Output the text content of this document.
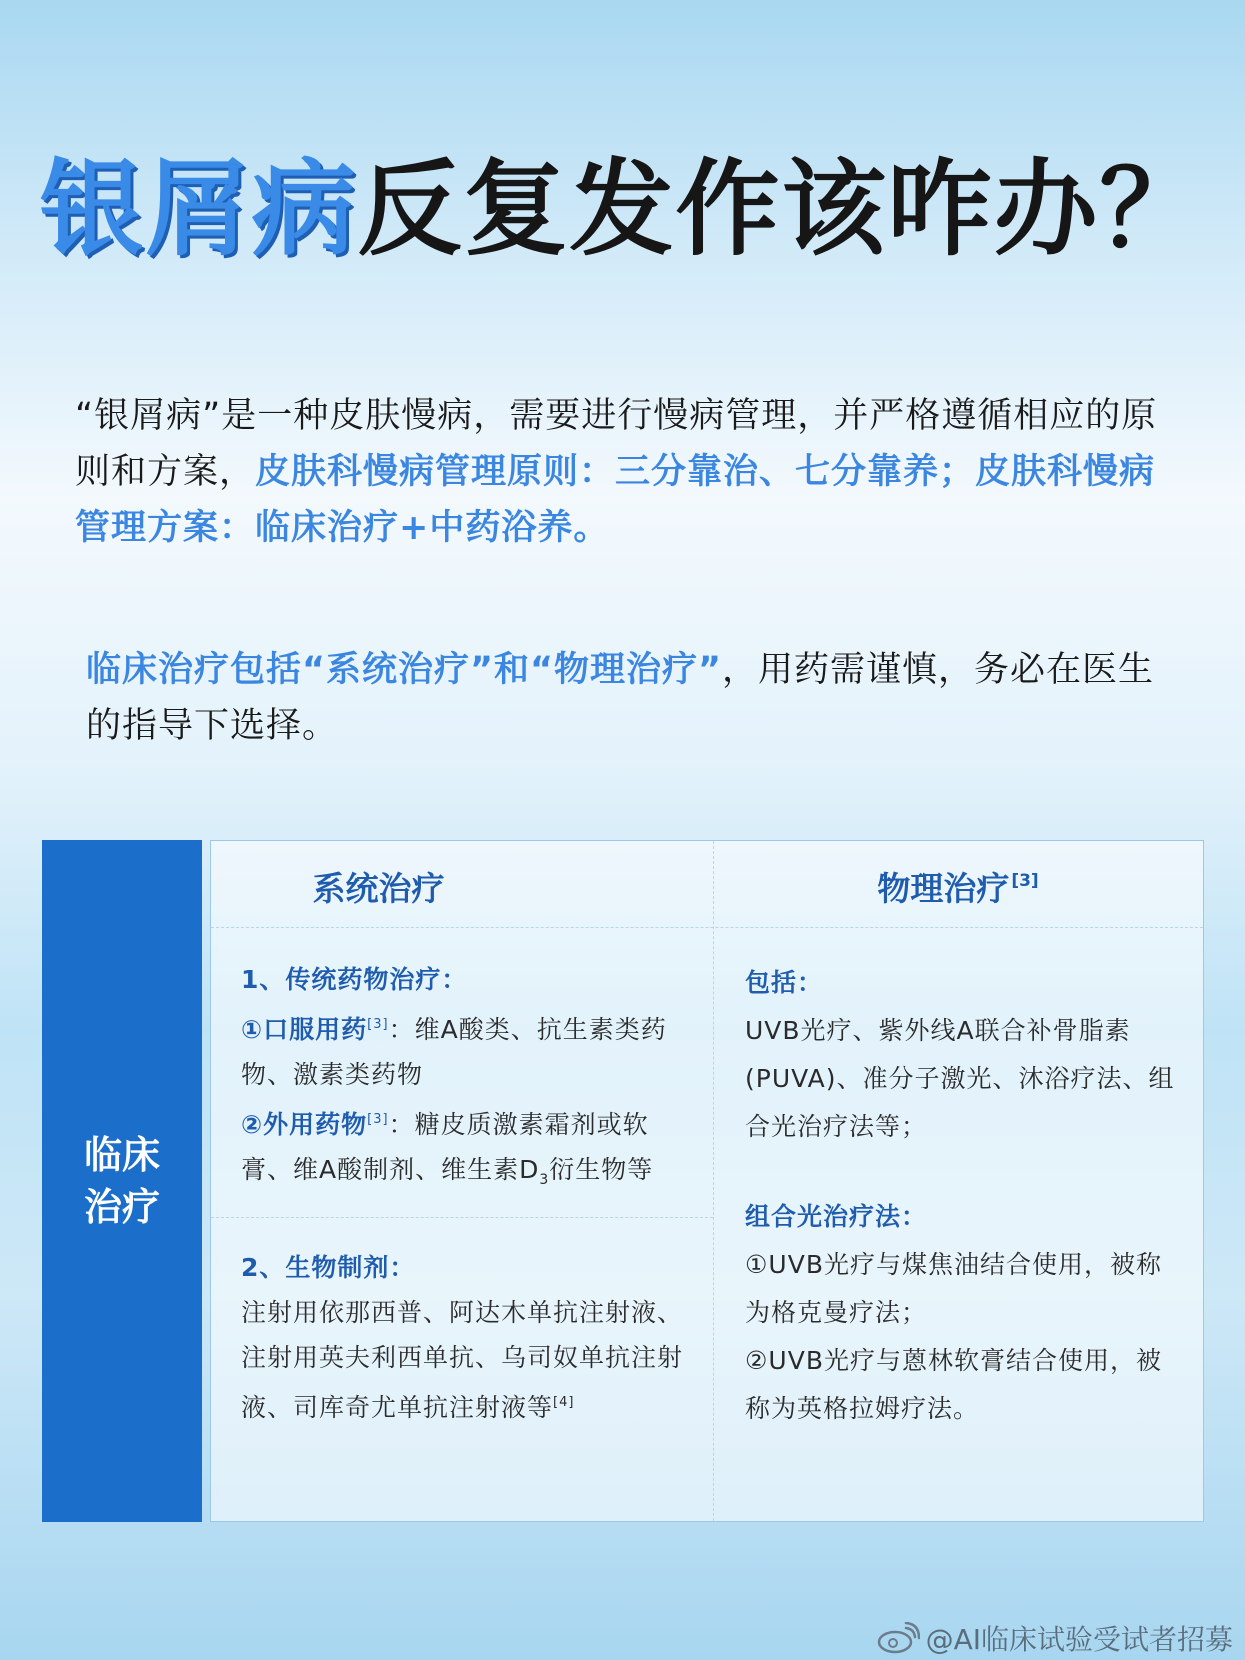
银屑病反复发作该咋办？
“银屑病”是一种皮肤慢病，需要进行慢病管理，并严格遵循相应的原则和方案，皮肤科慢病管理原则：三分靠治、七分靠养；皮肤科慢病管理方案：临床治疗+中药浴养。
临床治疗包括“系统治疗”和“物理治疗”，用药需谨慎，务必在医生的指导下选择。
临床治疗
系统治疗	物理治疗 [3]
1、传统药物治疗：
①口服用药[3]：维A酸类、抗生素类药物、激素类药物
②外用药物[3]：糖皮质激素霜剂或软膏、维A酸制剂、维生素$D_3$衍生物等
2、生物制剂：
注射用依那西普、阿达木单抗注射液、注射用英夫利西单抗、乌司奴单抗注射液、司库奇尤单抗注射液等[4]
包括：
UVB光疗、紫外线A联合补骨脂素(PUVA)、准分子激光、沐浴疗法、组合光治疗法等；
组合光治疗法：
①UVB光疗与煤焦油结合使用，被称为格克曼疗法；
②UVB光疗与蒽林软膏结合使用，被称为英格拉姆疗法。
@AI临床试验受试者招募
